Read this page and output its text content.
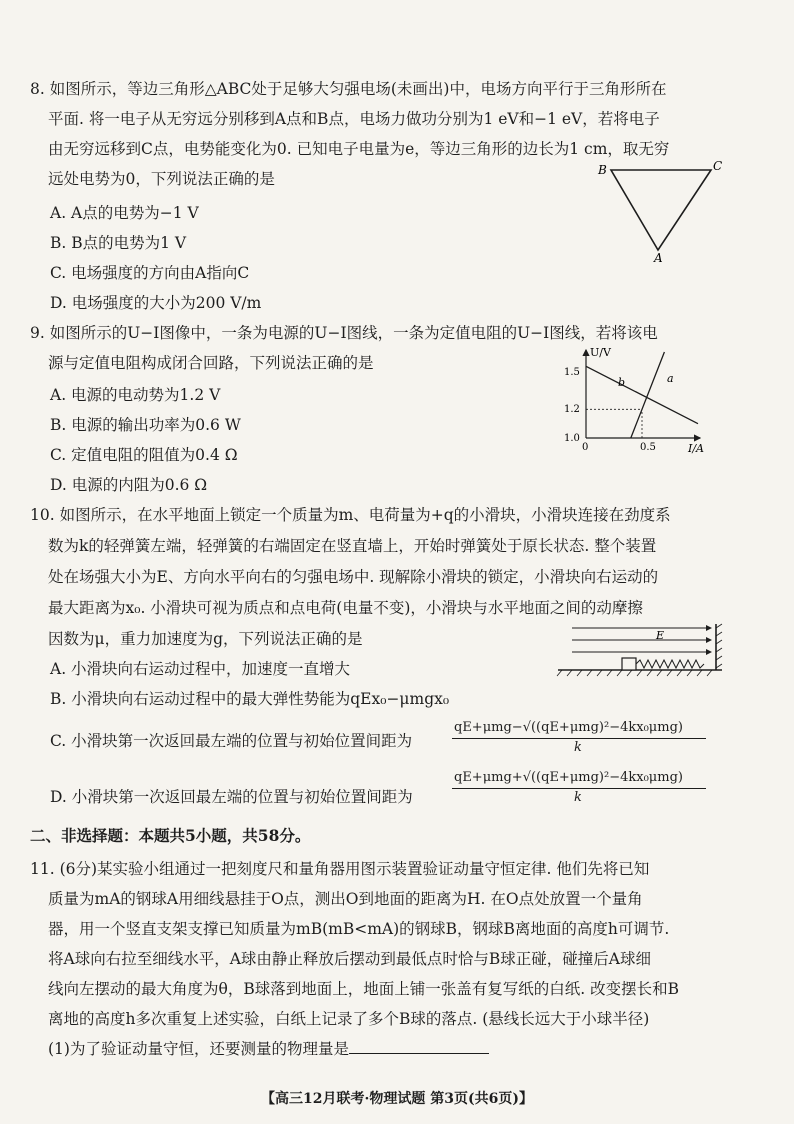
8. 如图所示，等边三角形△ABC处于足够大匀强电场(未画出)中，电场方向平行于三角形所在
平面. 将一电子从无穷远分别移到A点和B点，电场力做功分别为1 eV和−1 eV，若将电子
由无穷远移到C点，电势能变化为0. 已知电子电量为e，等边三角形的边长为1 cm，取无穷
远处电势为0，下列说法正确的是
A. A点的电势为−1 V
B. B点的电势为1 V
C. 电场强度的方向由A指向C
D. 电场强度的大小为200 V/m
B	C
A
9. 如图所示的U−I图像中，一条为电源的U−I图线，一条为定值电阻的U−I图线，若将该电
源与定值电阻构成闭合回路，下列说法正确的是
A. 电源的电动势为1.2 V
B. 电源的输出功率为0.6 W
C. 定值电阻的阻值为0.4 Ω
D. 电源的内阻为0.6 Ω
U/V
I/A
0	0.5
1.0
1.2
1.5
b	a
10. 如图所示，在水平地面上锁定一个质量为m、电荷量为+q的小滑块，小滑块连接在劲度系
数为k的轻弹簧左端，轻弹簧的右端固定在竖直墙上，开始时弹簧处于原长状态. 整个装置
处在场强大小为E、方向水平向右的匀强电场中. 现解除小滑块的锁定，小滑块向右运动的
最大距离为x₀. 小滑块可视为质点和点电荷(电量不变)，小滑块与水平地面之间的动摩擦
因数为μ，重力加速度为g，下列说法正确的是
A. 小滑块向右运动过程中，加速度一直增大
B. 小滑块向右运动过程中的最大弹性势能为qEx₀−μmgx₀
E
C. 小滑块第一次返回最左端的位置与初始位置间距为
qE+μmg−√((qE+μmg)²−4kx₀μmg)
k
D. 小滑块第一次返回最左端的位置与初始位置间距为
qE+μmg+√((qE+μmg)²−4kx₀μmg)
k
二、非选择题：本题共5小题，共58分。
11. (6分)某实验小组通过一把刻度尺和量角器用图示装置验证动量守恒定律. 他们先将已知
质量为mA的钢球A用细线悬挂于O点，测出O到地面的距离为H. 在O点处放置一个量角
器，用一个竖直支架支撑已知质量为mB(mB<mA)的钢球B，钢球B离地面的高度h可调节.
将A球向右拉至细线水平，A球由静止释放后摆动到最低点时恰与B球正碰，碰撞后A球细
线向左摆动的最大角度为θ，B球落到地面上，地面上铺一张盖有复写纸的白纸. 改变摆长和B
离地的高度h多次重复上述实验，白纸上记录了多个B球的落点. (悬线长远大于小球半径)
(1)为了验证动量守恒，还要测量的物理量是
【高三12月联考·物理试题 第3页(共6页)】
